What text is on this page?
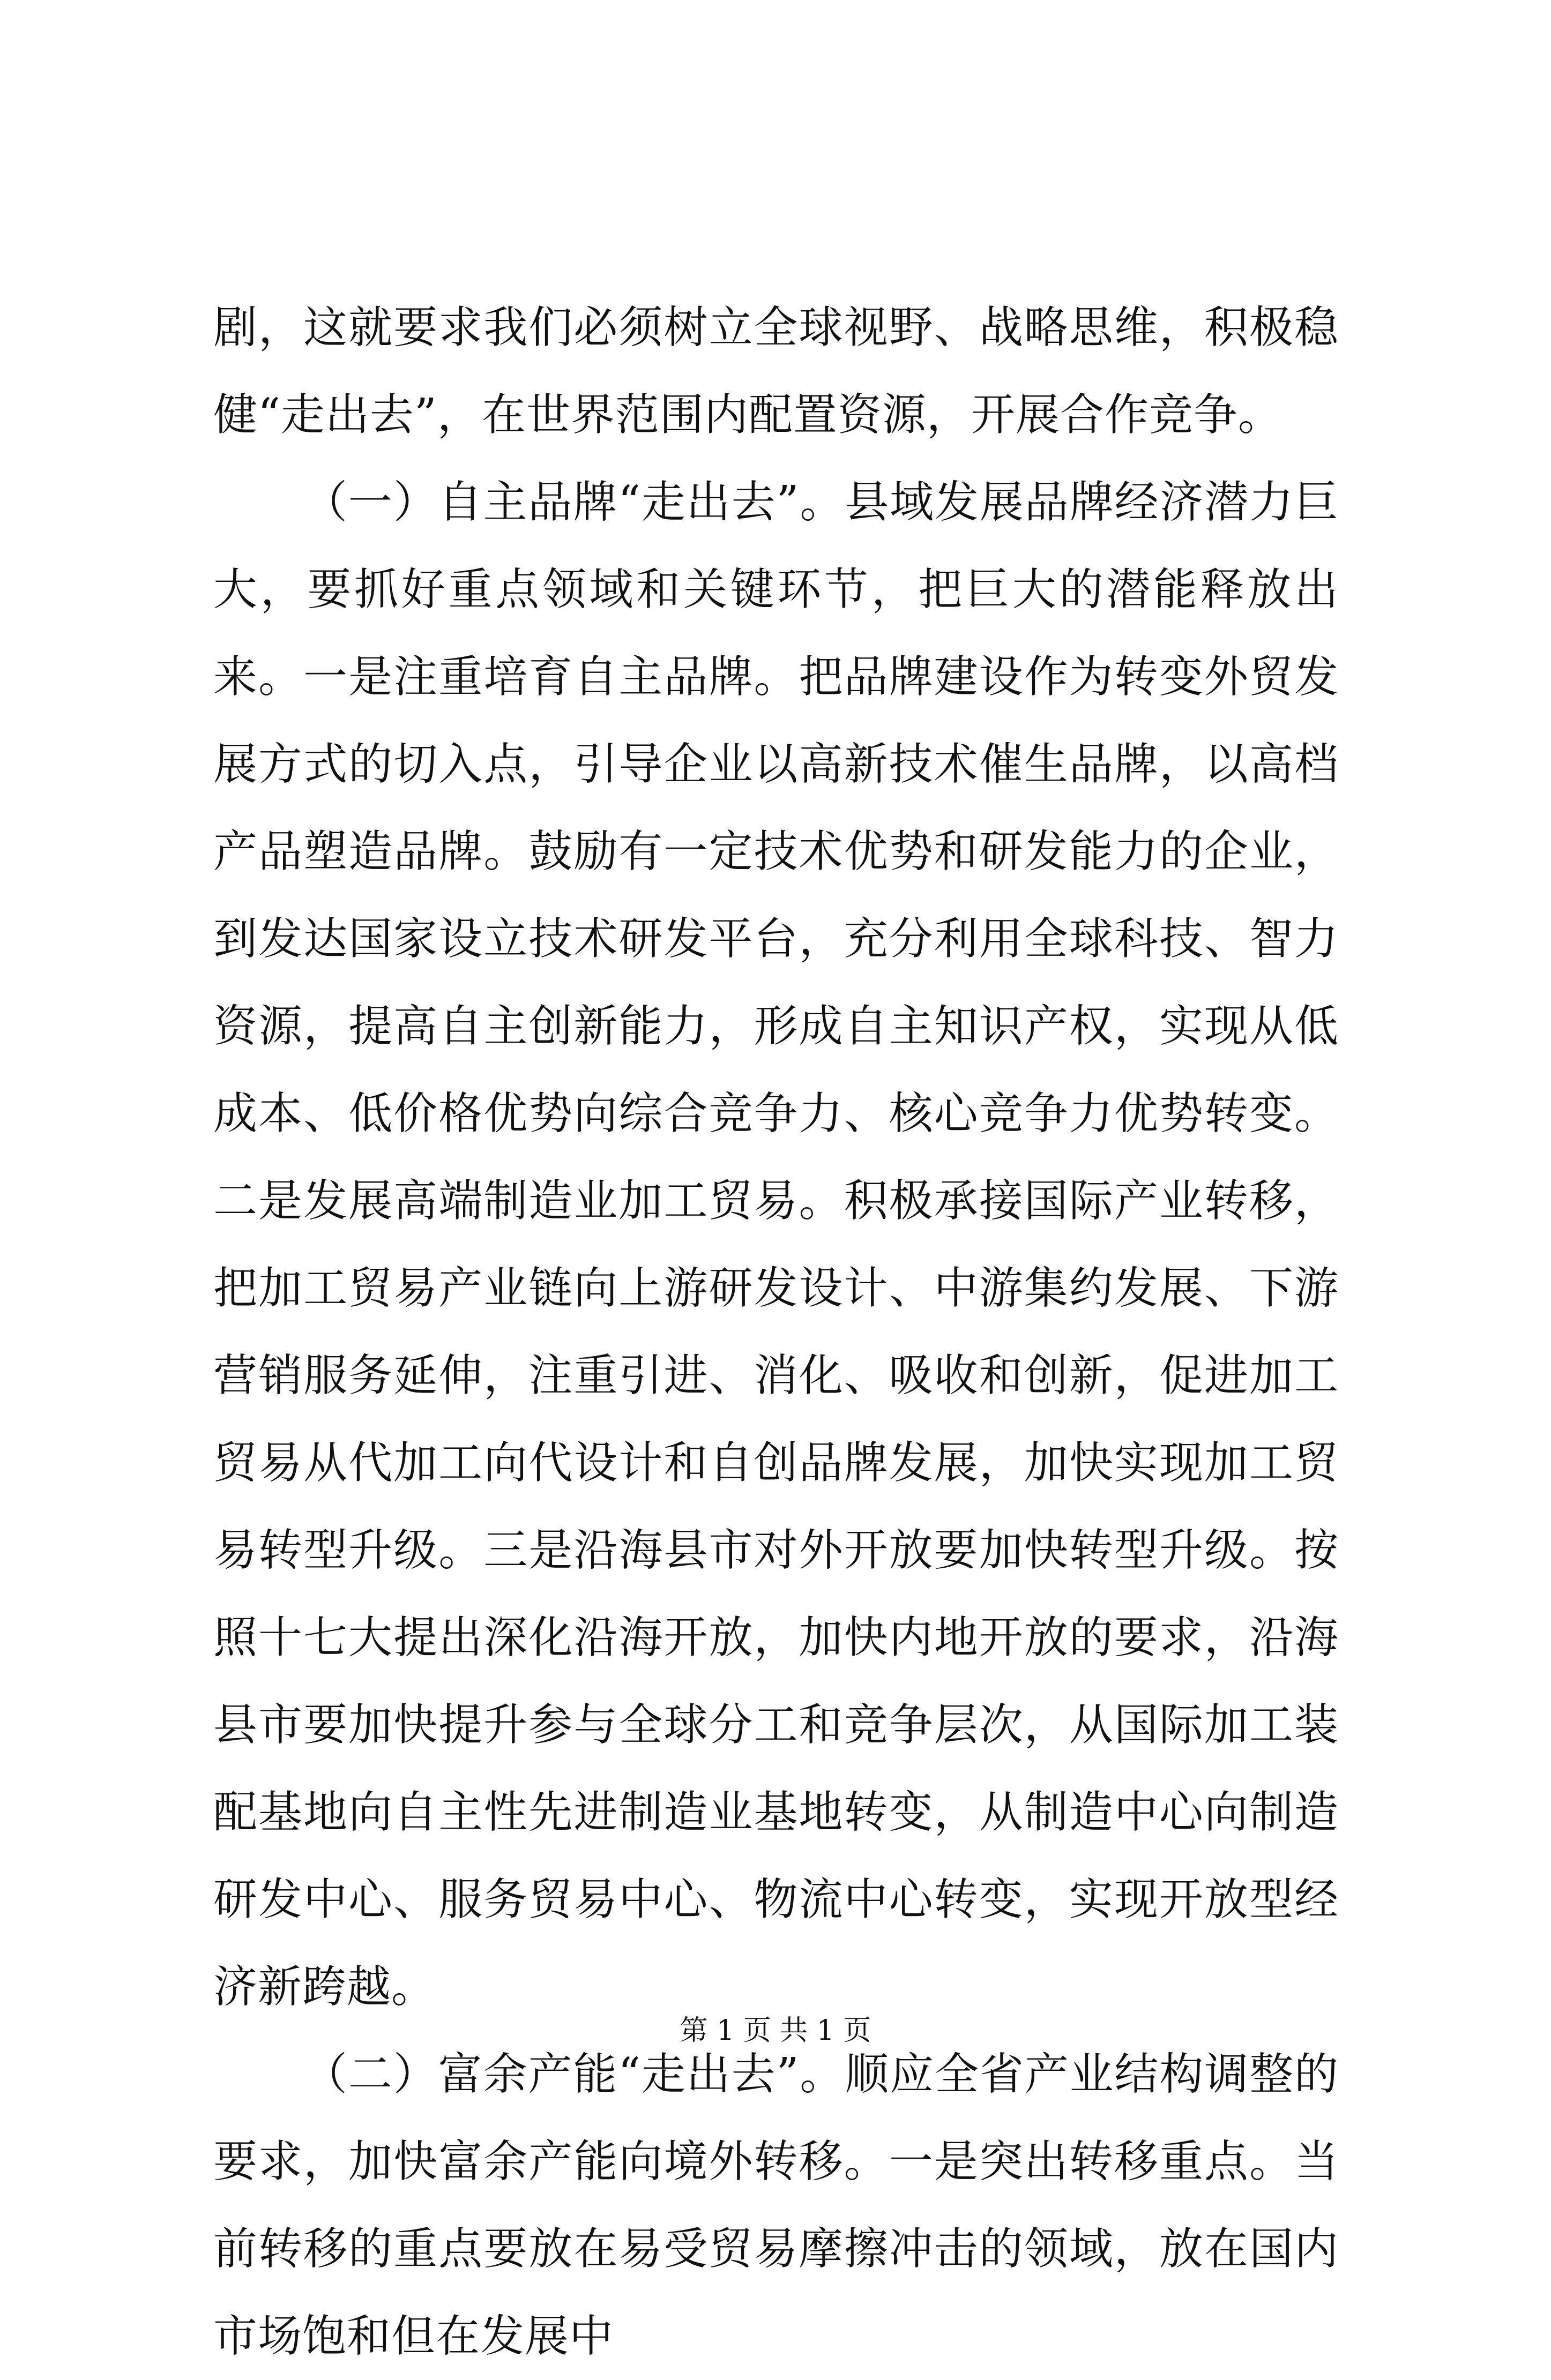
剧，这就要求我们必须树立全球视野、战略思维，积极稳健“走出去”，在世界范围内配置资源，开展合作竞争。

（一）自主品牌“走出去”。县域发展品牌经济潜力巨大，要抓好重点领域和关键环节，把巨大的潜能释放出来。一是注重培育自主品牌。把品牌建设作为转变外贸发展方式的切入点，引导企业以高新技术催生品牌，以高档产品塑造品牌。鼓励有一定技术优势和研发能力的企业，到发达国家设立技术研发平台，充分利用全球科技、智力资源，提高自主创新能力，形成自主知识产权，实现从低成本、低价格优势向综合竞争力、核心竞争力优势转变。二是发展高端制造业加工贸易。积极承接国际产业转移，把加工贸易产业链向上游研发设计、中游集约发展、下游营销服务延伸，注重引进、消化、吸收和创新，促进加工贸易从代加工向代设计和自创品牌发展，加快实现加工贸易转型升级。三是沿海县市对外开放要加快转型升级。按照十七大提出深化沿海开放，加快内地开放的要求，沿海县市要加快提升参与全球分工和竞争层次，从国际加工装配基地向自主性先进制造业基地转变，从制造中心向制造研发中心、服务贸易中心、物流中心转变，实现开放型经济新跨越。

（二）富余产能“走出去”。顺应全省产业结构调整的要求，加快富余产能向境外转移。一是突出转移重点。当前转移的重点要放在易受贸易摩擦冲击的领域，放在国内市场饱和但在发展中

第 1 页 共 1 页
